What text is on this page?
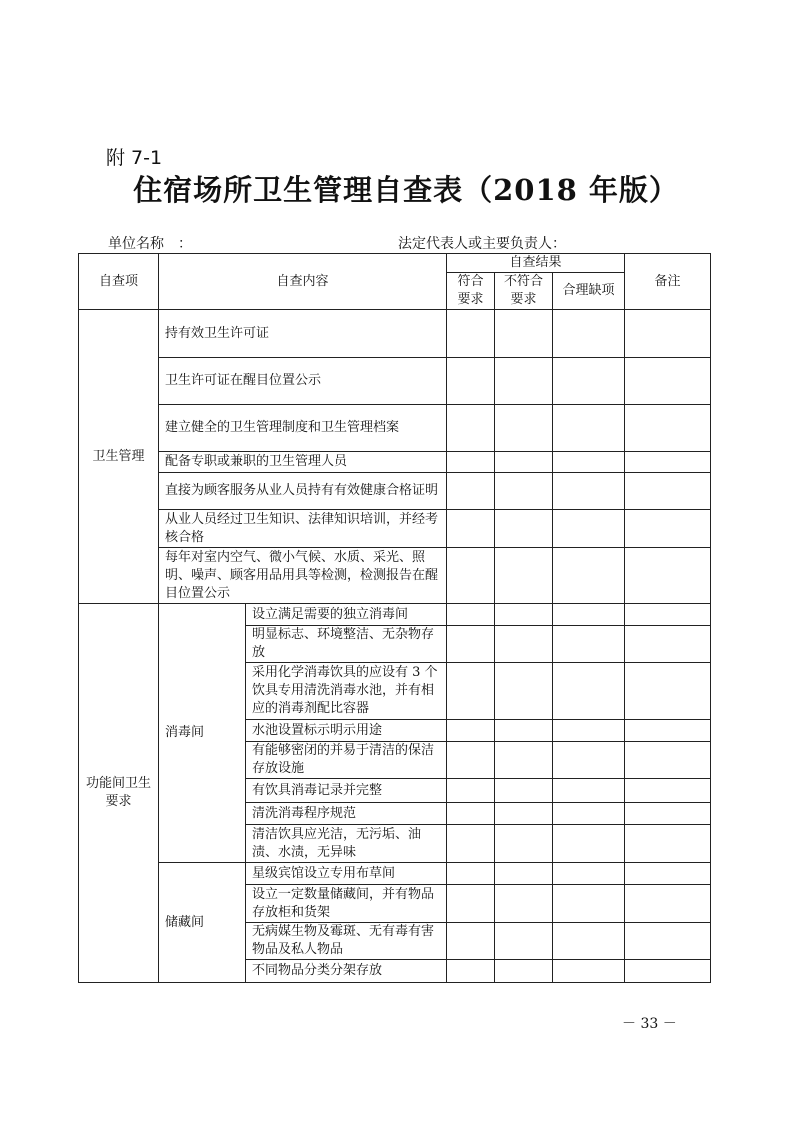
附 7-1
住宿场所卫生管理自查表（2018 年版）
单位名称　：	法定代表人或主要负责人：
自查项	自查内容		自查结果			备注
			符合要求	不符合要求	合理缺项	
卫生管理	持有效卫生许可证					
	卫生许可证在醒目位置公示					
	建立健全的卫生管理制度和卫生管理档案					
	配备专职或兼职的卫生管理人员					
	直接为顾客服务从业人员持有有效健康合格证明					
	从业人员经过卫生知识、法律知识培训，并经考核合格					
	每年对室内空气、微小气候、水质、采光、照明、噪声、顾客用品用具等检测，检测报告在醒目位置公示					
功能间卫生要求	消毒间	设立满足需要的独立消毒间				
		明显标志、环境整洁、无杂物存放				
		采用化学消毒饮具的应设有 3 个饮具专用清洗消毒水池，并有相应的消毒剂配比容器				
		水池设置标示明示用途				
		有能够密闭的并易于清洁的保洁存放设施				
		有饮具消毒记录并完整				
		清洗消毒程序规范				
		清洁饮具应光洁，无污垢、油渍、水渍，无异味				
	储藏间	星级宾馆设立专用布草间				
		设立一定数量储藏间，并有物品存放柜和货架				
		无病媒生物及霉斑、无有毒有害物品及私人物品				
		不同物品分类分架存放				
－ 33 －
